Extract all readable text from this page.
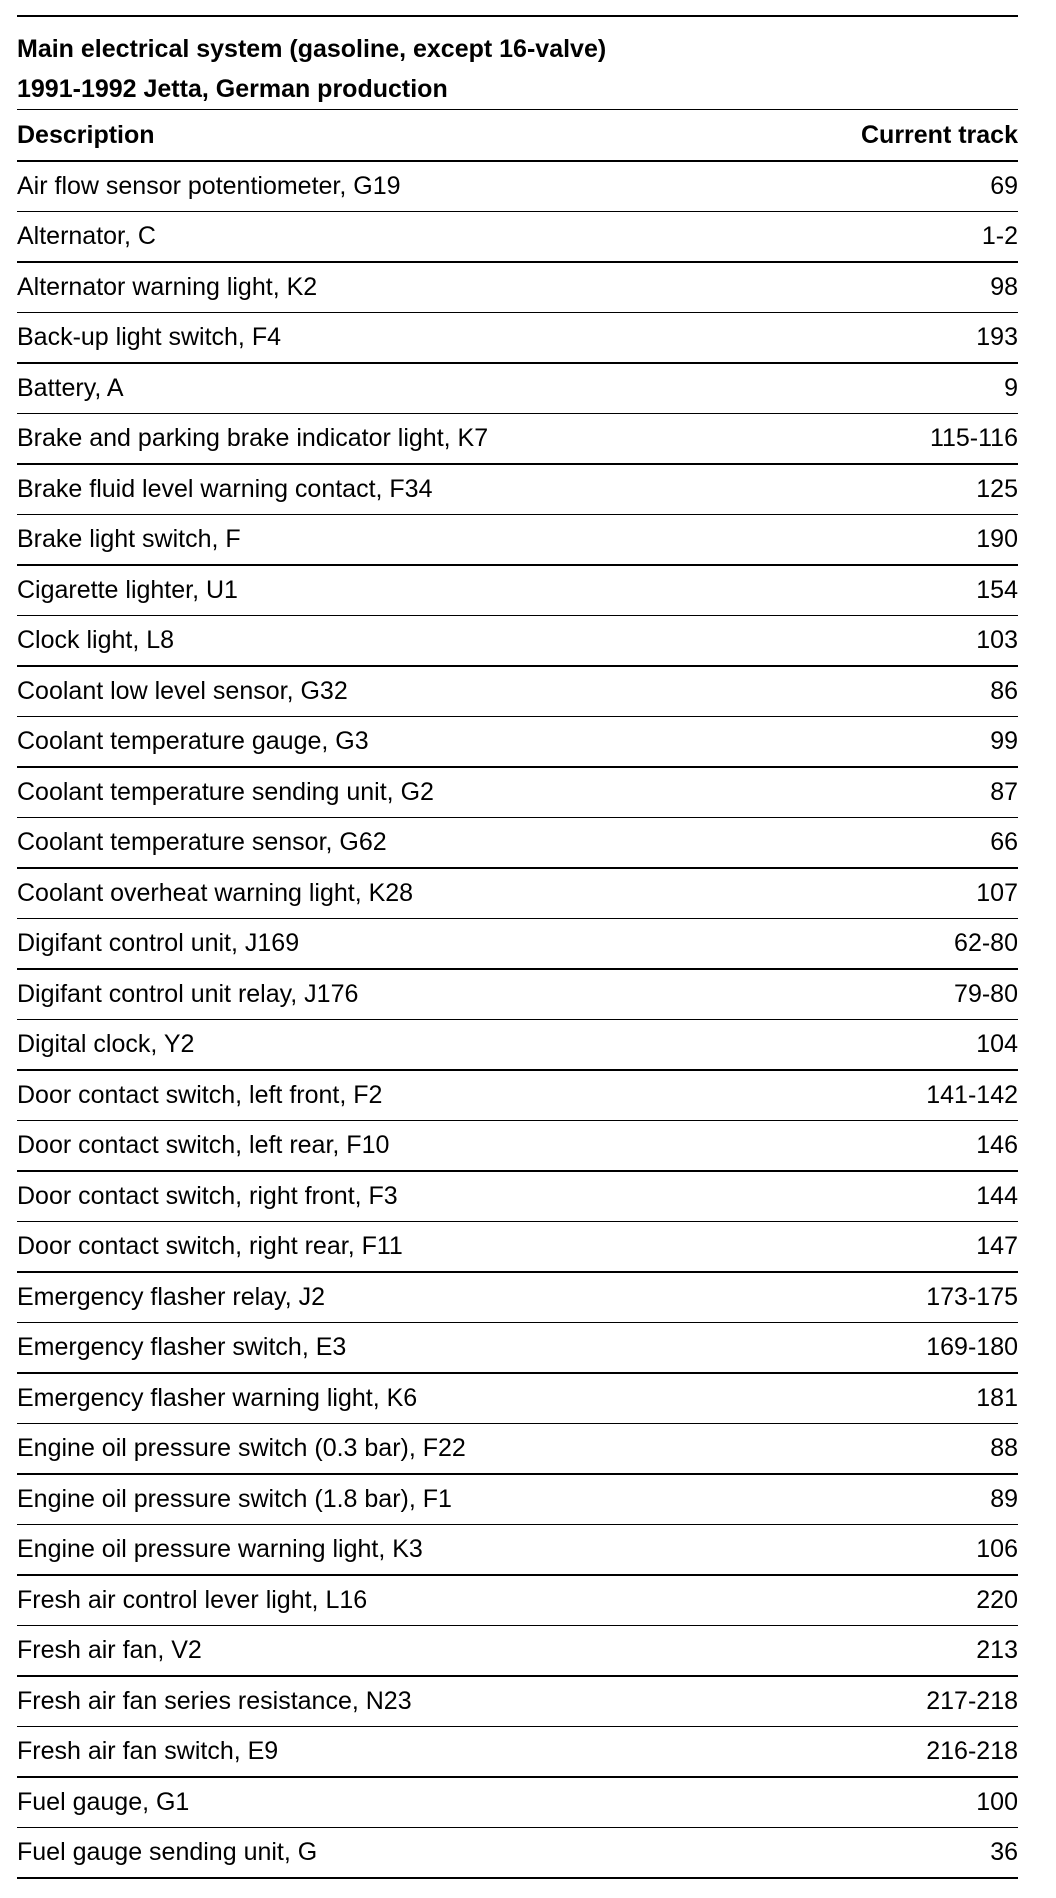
Main electrical system (gasoline, except 16-valve)
1991-1992 Jetta, German production
Description	Current track
Air flow sensor potentiometer, G19	69
Alternator, C	1-2
Alternator warning light, K2	98
Back-up light switch, F4	193
Battery, A	9
Brake and parking brake indicator light, K7	115-116
Brake fluid level warning contact, F34	125
Brake light switch, F	190
Cigarette lighter, U1	154
Clock light, L8	103
Coolant low level sensor, G32	86
Coolant temperature gauge, G3	99
Coolant temperature sending unit, G2	87
Coolant temperature sensor, G62	66
Coolant overheat warning light, K28	107
Digifant control unit, J169	62-80
Digifant control unit relay, J176	79-80
Digital clock, Y2	104
Door contact switch, left front, F2	141-142
Door contact switch, left rear, F10	146
Door contact switch, right front, F3	144
Door contact switch, right rear, F11	147
Emergency flasher relay, J2	173-175
Emergency flasher switch, E3	169-180
Emergency flasher warning light, K6	181
Engine oil pressure switch (0.3 bar), F22	88
Engine oil pressure switch (1.8 bar), F1	89
Engine oil pressure warning light, K3	106
Fresh air control lever light, L16	220
Fresh air fan, V2	213
Fresh air fan series resistance, N23	217-218
Fresh air fan switch, E9	216-218
Fuel gauge, G1	100
Fuel gauge sending unit, G	36
